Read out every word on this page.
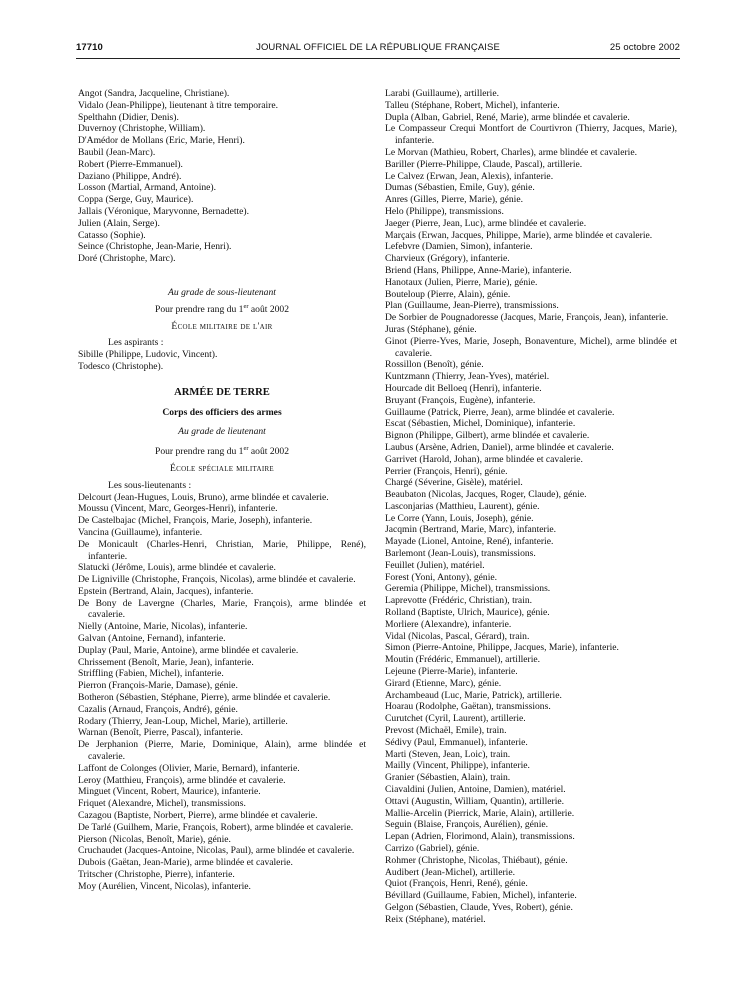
17710	JOURNAL OFFICIEL DE LA RÉPUBLIQUE FRANÇAISE	25 octobre 2002
Angot (Sandra, Jacqueline, Christiane).
Vidalo (Jean-Philippe), lieutenant à titre temporaire.
Spelthahn (Didier, Denis).
Duvernoy (Christophe, William).
D'Amédor de Mollans (Eric, Marie, Henri).
Baubil (Jean-Marc).
Robert (Pierre-Emmanuel).
Daziano (Philippe, André).
Losson (Martial, Armand, Antoine).
Coppa (Serge, Guy, Maurice).
Jallais (Véronique, Maryvonne, Bernadette).
Julien (Alain, Serge).
Catasso (Sophie).
Seince (Christophe, Jean-Marie, Henri).
Doré (Christophe, Marc).
Au grade de sous-lieutenant
Pour prendre rang du 1er août 2002
École militaire de l'air
Les aspirants :
Sibille (Philippe, Ludovic, Vincent).
Todesco (Christophe).
ARMÉE DE TERRE
Corps des officiers des armes
Au grade de lieutenant
Pour prendre rang du 1er août 2002
École spéciale militaire
Les sous-lieutenants :
Delcourt (Jean-Hugues, Louis, Bruno), arme blindée et cavalerie.
Moussu (Vincent, Marc, Georges-Henri), infanterie.
De Castelbajac (Michel, François, Marie, Joseph), infanterie.
Vancina (Guillaume), infanterie.
De Monicault (Charles-Henri, Christian, Marie, Philippe, René), infanterie.
Slatucki (Jérôme, Louis), arme blindée et cavalerie.
De Ligniville (Christophe, François, Nicolas), arme blindée et cavalerie.
Epstein (Bertrand, Alain, Jacques), infanterie.
De Bony de Lavergne (Charles, Marie, François), arme blindée et cavalerie.
Nielly (Antoine, Marie, Nicolas), infanterie.
Galvan (Antoine, Fernand), infanterie.
Duplay (Paul, Marie, Antoine), arme blindée et cavalerie.
Chrissement (Benoît, Marie, Jean), infanterie.
Striffling (Fabien, Michel), infanterie.
Pierron (François-Marie, Damase), génie.
Botheron (Sébastien, Stéphane, Pierre), arme blindée et cavalerie.
Cazalis (Arnaud, François, André), génie.
Rodary (Thierry, Jean-Loup, Michel, Marie), artillerie.
Warnan (Benoît, Pierre, Pascal), infanterie.
De Jerphanion (Pierre, Marie, Dominique, Alain), arme blindée et cavalerie.
Laffont de Colonges (Olivier, Marie, Bernard), infanterie.
Leroy (Matthieu, François), arme blindée et cavalerie.
Minguet (Vincent, Robert, Maurice), infanterie.
Friquet (Alexandre, Michel), transmissions.
Cazagou (Baptiste, Norbert, Pierre), arme blindée et cavalerie.
De Tarlé (Guilhem, Marie, François, Robert), arme blindée et cavalerie.
Pierson (Nicolas, Benoît, Marie), génie.
Cruchaudet (Jacques-Antoine, Nicolas, Paul), arme blindée et cavalerie.
Dubois (Gaëtan, Jean-Marie), arme blindée et cavalerie.
Tritscher (Christophe, Pierre), infanterie.
Moy (Aurélien, Vincent, Nicolas), infanterie.
Larabi (Guillaume), artillerie.
Talleu (Stéphane, Robert, Michel), infanterie.
Dupla (Alban, Gabriel, René, Marie), arme blindée et cavalerie.
Le Compasseur Crequi Montfort de Courtivron (Thierry, Jacques, Marie), infanterie.
Le Morvan (Mathieu, Robert, Charles), arme blindée et cavalerie.
Bariller (Pierre-Philippe, Claude, Pascal), artillerie.
Le Calvez (Erwan, Jean, Alexis), infanterie.
Dumas (Sébastien, Emile, Guy), génie.
Anres (Gilles, Pierre, Marie), génie.
Helo (Philippe), transmissions.
Jaeger (Pierre, Jean, Luc), arme blindée et cavalerie.
Marçais (Erwan, Jacques, Philippe, Marie), arme blindée et cavalerie.
Lefebvre (Damien, Simon), infanterie.
Charvieux (Grégory), infanterie.
Briend (Hans, Philippe, Anne-Marie), infanterie.
Hanotaux (Julien, Pierre, Marie), génie.
Bouteloup (Pierre, Alain), génie.
Plan (Guillaume, Jean-Pierre), transmissions.
De Sorbier de Pougnadoresse (Jacques, Marie, François, Jean), infanterie.
Juras (Stéphane), génie.
Ginot (Pierre-Yves, Marie, Joseph, Bonaventure, Michel), arme blindée et cavalerie.
Rossillon (Benoît), génie.
Kuntzmann (Thierry, Jean-Yves), matériel.
Hourcade dit Belloeq (Henri), infanterie.
Bruyant (François, Eugène), infanterie.
Guillaume (Patrick, Pierre, Jean), arme blindée et cavalerie.
Escat (Sébastien, Michel, Dominique), infanterie.
Bignon (Philippe, Gilbert), arme blindée et cavalerie.
Laubus (Arsène, Adrien, Daniel), arme blindée et cavalerie.
Garrivet (Harold, Johan), arme blindée et cavalerie.
Perrier (François, Henri), génie.
Chargé (Séverine, Gisèle), matériel.
Beaubaton (Nicolas, Jacques, Roger, Claude), génie.
Lasconjarias (Matthieu, Laurent), génie.
Le Corre (Yann, Louis, Joseph), génie.
Jacqmin (Bertrand, Marie, Marc), infanterie.
Mayade (Lionel, Antoine, René), infanterie.
Barlemont (Jean-Louis), transmissions.
Feuillet (Julien), matériel.
Forest (Yoni, Antony), génie.
Geremia (Philippe, Michel), transmissions.
Laprevotte (Frédéric, Christian), train.
Rolland (Baptiste, Ulrich, Maurice), génie.
Morliere (Alexandre), infanterie.
Vidal (Nicolas, Pascal, Gérard), train.
Simon (Pierre-Antoine, Philippe, Jacques, Marie), infanterie.
Moutin (Frédéric, Emmanuel), artillerie.
Lejeune (Pierre-Marie), infanterie.
Girard (Etienne, Marc), génie.
Archambeaud (Luc, Marie, Patrick), artillerie.
Hoarau (Rodolphe, Gaëtan), transmissions.
Curutchet (Cyril, Laurent), artillerie.
Prevost (Michaël, Emile), train.
Sédivy (Paul, Emmanuel), infanterie.
Marti (Steven, Jean, Loic), train.
Mailly (Vincent, Philippe), infanterie.
Granier (Sébastien, Alain), train.
Ciavaldini (Julien, Antoine, Damien), matériel.
Ottavi (Augustin, William, Quantin), artillerie.
Mallie-Arcelin (Pierrick, Marie, Alain), artillerie.
Seguin (Blaise, François, Aurélien), génie.
Lepan (Adrien, Florimond, Alain), transmissions.
Carrizo (Gabriel), génie.
Rohmer (Christophe, Nicolas, Thiébaut), génie.
Audibert (Jean-Michel), artillerie.
Quiot (François, Henri, René), génie.
Bévillard (Guillaume, Fabien, Michel), infanterie.
Gelgon (Sébastien, Claude, Yves, Robert), génie.
Reix (Stéphane), matériel.
